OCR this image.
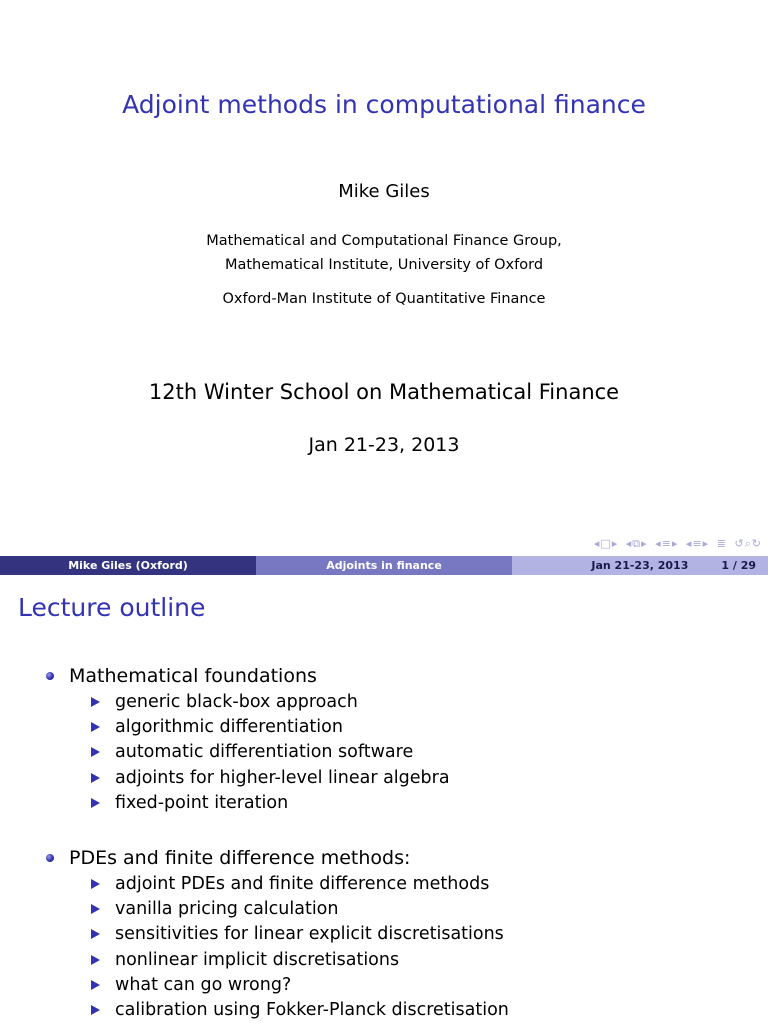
Adjoint methods in computational finance
Mike Giles
Mathematical and Computational Finance Group,
Mathematical Institute, University of Oxford
Oxford-Man Institute of Quantitative Finance
12th Winter School on Mathematical Finance
Jan 21-23, 2013
◂□▸ ◂⧉▸ ◂≡▸ ◂≡▸ ≣ ↺⌕↻
Mike Giles (Oxford)	Adjoints in finance	Jan 21-23, 2013	1 / 29
Lecture outline
Mathematical foundations
generic black-box approach
algorithmic differentiation
automatic differentiation software
adjoints for higher-level linear algebra
fixed-point iteration
PDEs and finite difference methods:
adjoint PDEs and finite difference methods
vanilla pricing calculation
sensitivities for linear explicit discretisations
nonlinear implicit discretisations
what can go wrong?
calibration using Fokker-Planck discretisation
